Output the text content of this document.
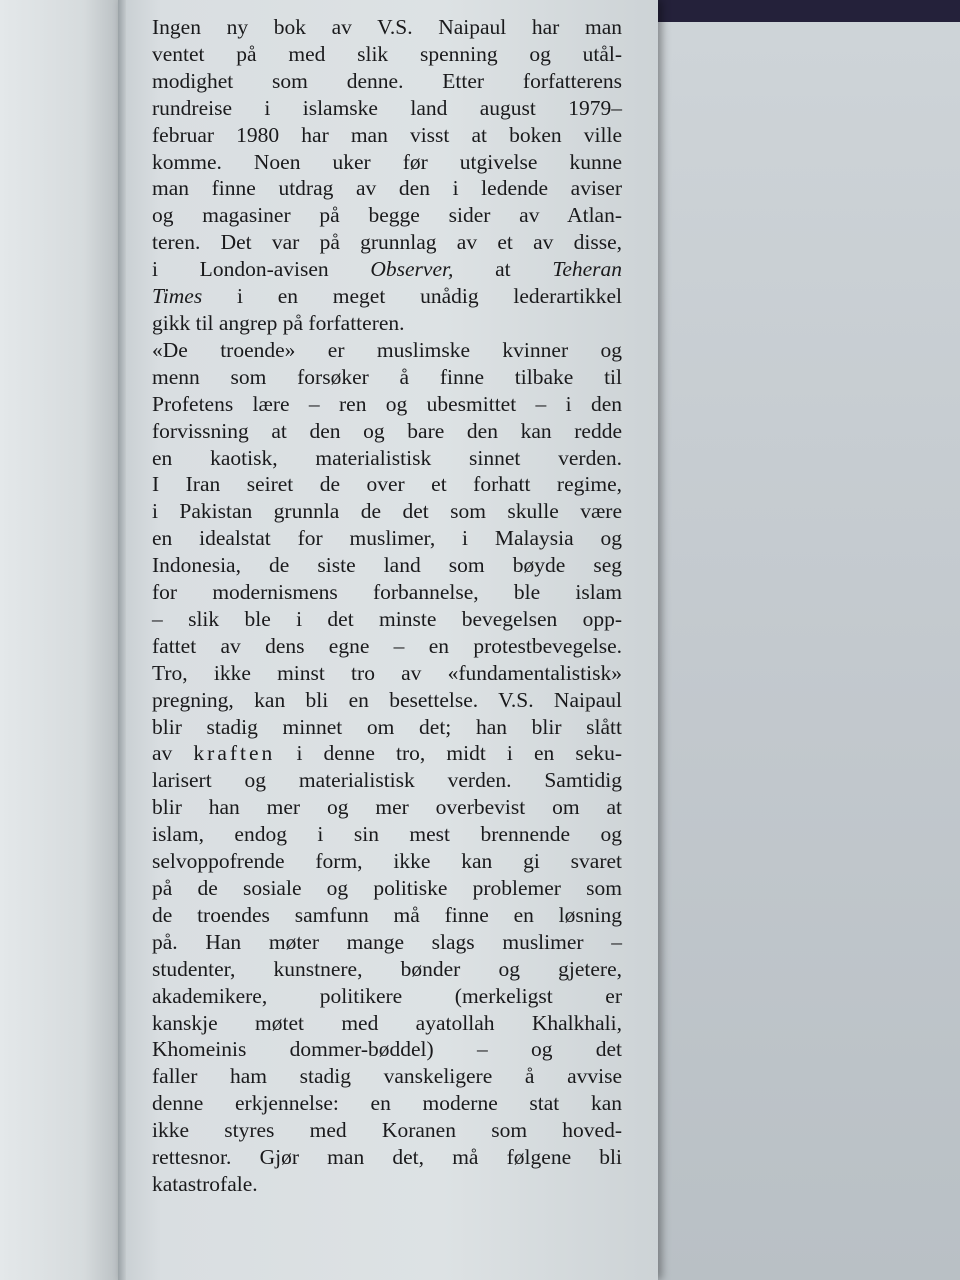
Ingen ny bok av V.S. Naipaul har man
ventet på med slik spenning og utål-
modighet som denne. Etter forfatterens
rundreise i islamske land august 1979–
februar 1980 har man visst at boken ville
komme. Noen uker før utgivelse kunne
man finne utdrag av den i ledende aviser
og magasiner på begge sider av Atlan-
teren. Det var på grunnlag av et av disse,
i London-avisen Observer, at Teheran
Times i en meget unådig lederartikkel
gikk til angrep på forfatteren.
«De troende» er muslimske kvinner og
menn som forsøker å finne tilbake til
Profetens lære – ren og ubesmittet – i den
forvissning at den og bare den kan redde
en kaotisk, materialistisk sinnet verden.
I Iran seiret de over et forhatt regime,
i Pakistan grunnla de det som skulle være
en idealstat for muslimer, i Malaysia og
Indonesia, de siste land som bøyde seg
for modernismens forbannelse, ble islam
– slik ble i det minste bevegelsen opp-
fattet av dens egne – en protestbevegelse.
Tro, ikke minst tro av «fundamentalistisk»
pregning, kan bli en besettelse. V.S. Naipaul
blir stadig minnet om det; han blir slått
av kraften i denne tro, midt i en seku-
larisert og materialistisk verden. Samtidig
blir han mer og mer overbevist om at
islam, endog i sin mest brennende og
selvoppofrende form, ikke kan gi svaret
på de sosiale og politiske problemer som
de troendes samfunn må finne en løsning
på. Han møter mange slags muslimer –
studenter, kunstnere, bønder og gjetere,
akademikere, politikere (merkeligst er
kanskje møtet med ayatollah Khalkhali,
Khomeinis dommer-bøddel) – og det
faller ham stadig vanskeligere å avvise
denne erkjennelse: en moderne stat kan
ikke styres med Koranen som hoved-
rettesnor. Gjør man det, må følgene bli
katastrofale.
